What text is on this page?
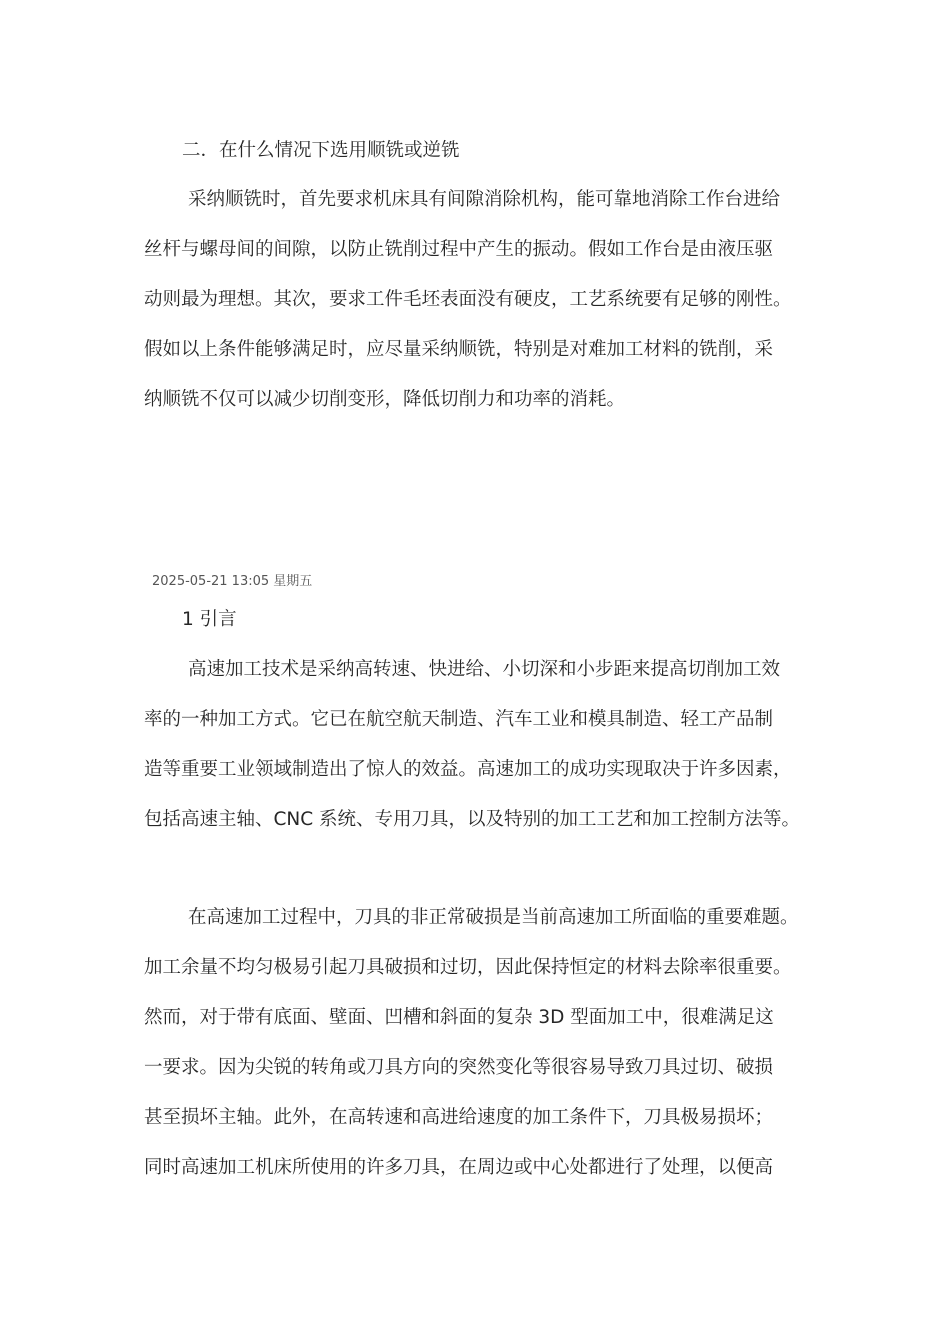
二．在什么情况下选用顺铣或逆铣
采纳顺铣时，首先要求机床具有间隙消除机构，能可靠地消除工作台进给
丝杆与螺母间的间隙，以防止铣削过程中产生的振动。假如工作台是由液压驱
动则最为理想。其次，要求工件毛坯表面没有硬皮，工艺系统要有足够的刚性。
假如以上条件能够满足时，应尽量采纳顺铣，特别是对难加工材料的铣削，采
纳顺铣不仅可以减少切削变形，降低切削力和功率的消耗。
2025-05-21 13:05 星期五
1 引言
高速加工技术是采纳高转速、快进给、小切深和小步距来提高切削加工效
率的一种加工方式。它已在航空航天制造、汽车工业和模具制造、轻工产品制
造等重要工业领域制造出了惊人的效益。高速加工的成功实现取决于许多因素，
包括高速主轴、CNC 系统、专用刀具，以及特别的加工工艺和加工控制方法等。
在高速加工过程中，刀具的非正常破损是当前高速加工所面临的重要难题。
加工余量不均匀极易引起刀具破损和过切，因此保持恒定的材料去除率很重要。
然而，对于带有底面、壁面、凹槽和斜面的复杂 3D 型面加工中，很难满足这
一要求。因为尖锐的转角或刀具方向的突然变化等很容易导致刀具过切、破损
甚至损坏主轴。此外，在高转速和高进给速度的加工条件下，刀具极易损坏；
同时高速加工机床所使用的许多刀具，在周边或中心处都进行了处理，以便高
